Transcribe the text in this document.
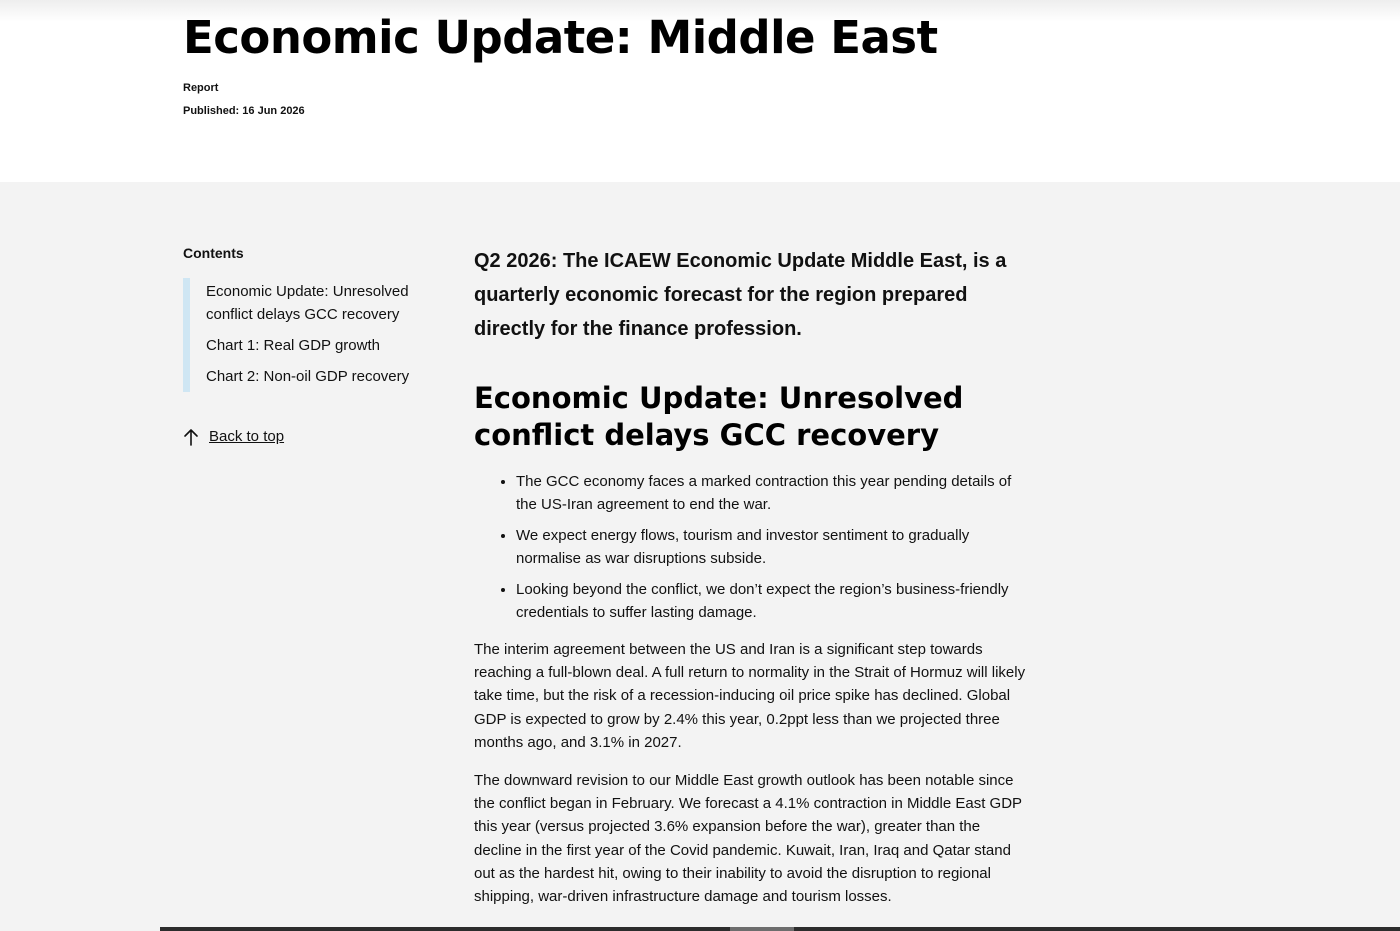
Economic Update: Middle East
Report
Published: 16 Jun 2026
Contents
Economic Update: Unresolved conflict delays GCC recovery
Chart 1: Real GDP growth
Chart 2: Non-oil GDP recovery
Back to top

Q2 2026: The ICAEW Economic Update Middle East, is a quarterly economic forecast for the region prepared directly for the finance profession.

Economic Update: Unresolved conflict delays GCC recovery
• The GCC economy faces a marked contraction this year pending details of the US-Iran agreement to end the war.
• We expect energy flows, tourism and investor sentiment to gradually normalise as war disruptions subside.
• Looking beyond the conflict, we don’t expect the region’s business-friendly credentials to suffer lasting damage.

The interim agreement between the US and Iran is a significant step towards reaching a full-blown deal. A full return to normality in the Strait of Hormuz will likely take time, but the risk of a recession-inducing oil price spike has declined. Global GDP is expected to grow by 2.4% this year, 0.2ppt less than we projected three months ago, and 3.1% in 2027.

The downward revision to our Middle East growth outlook has been notable since the conflict began in February. We forecast a 4.1% contraction in Middle East GDP this year (versus projected 3.6% expansion before the war), greater than the decline in the first year of the Covid pandemic. Kuwait, Iran, Iraq and Qatar stand out as the hardest hit, owing to their inability to avoid the disruption to regional shipping, war-driven infrastructure damage and tourism losses.
